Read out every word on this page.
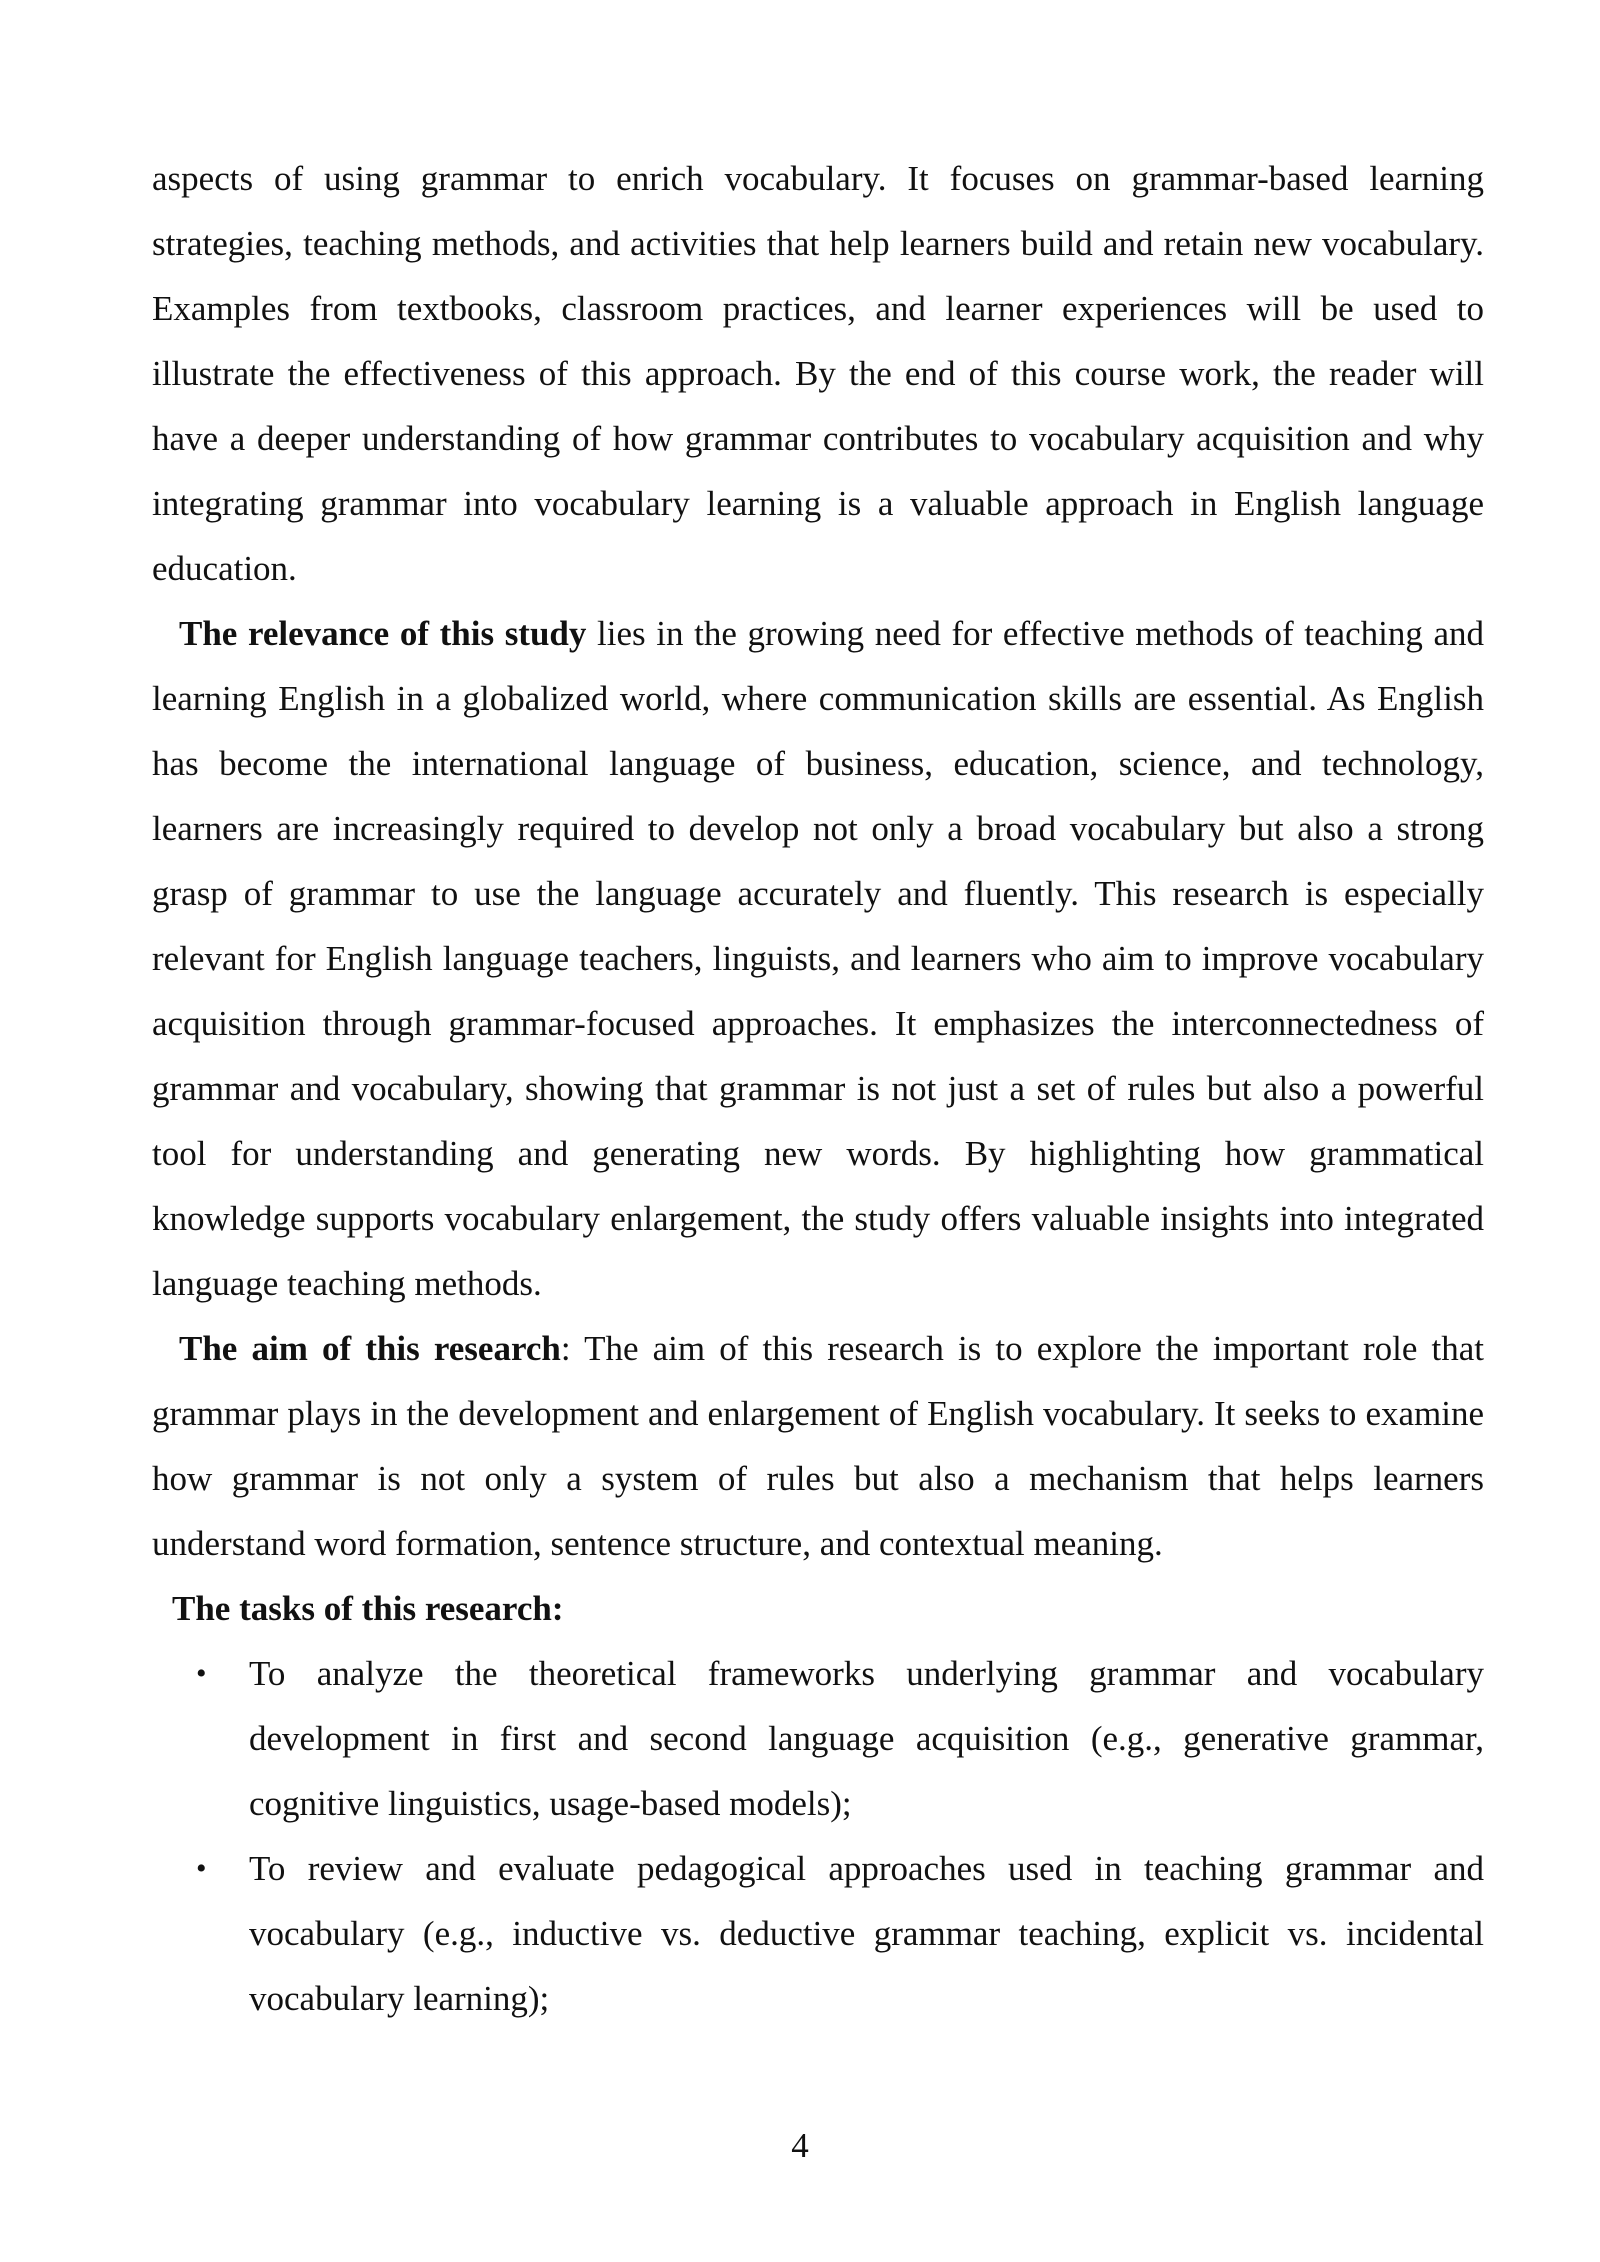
aspects of using grammar to enrich vocabulary. It focuses on grammar-based learning strategies, teaching methods, and activities that help learners build and retain new vocabulary. Examples from textbooks, classroom practices, and learner experiences will be used to illustrate the effectiveness of this approach. By the end of this course work, the reader will have a deeper understanding of how grammar contributes to vocabulary acquisition and why integrating grammar into vocabulary learning is a valuable approach in English language education.

The relevance of this study lies in the growing need for effective methods of teaching and learning English in a globalized world, where communication skills are essential. As English has become the international language of business, education, science, and technology, learners are increasingly required to develop not only a broad vocabulary but also a strong grasp of grammar to use the language accurately and fluently. This research is especially relevant for English language teachers, linguists, and learners who aim to improve vocabulary acquisition through grammar-focused approaches. It emphasizes the interconnectedness of grammar and vocabulary, showing that grammar is not just a set of rules but also a powerful tool for understanding and generating new words. By highlighting how grammatical knowledge supports vocabulary enlargement, the study offers valuable insights into integrated language teaching methods.

The aim of this research: The aim of this research is to explore the important role that grammar plays in the development and enlargement of English vocabulary. It seeks to examine how grammar is not only a system of rules but also a mechanism that helps learners understand word formation, sentence structure, and contextual meaning.

The tasks of this research:

• To analyze the theoretical frameworks underlying grammar and vocabulary development in first and second language acquisition (e.g., generative grammar, cognitive linguistics, usage-based models);
• To review and evaluate pedagogical approaches used in teaching grammar and vocabulary (e.g., inductive vs. deductive grammar teaching, explicit vs. incidental vocabulary learning);
4
